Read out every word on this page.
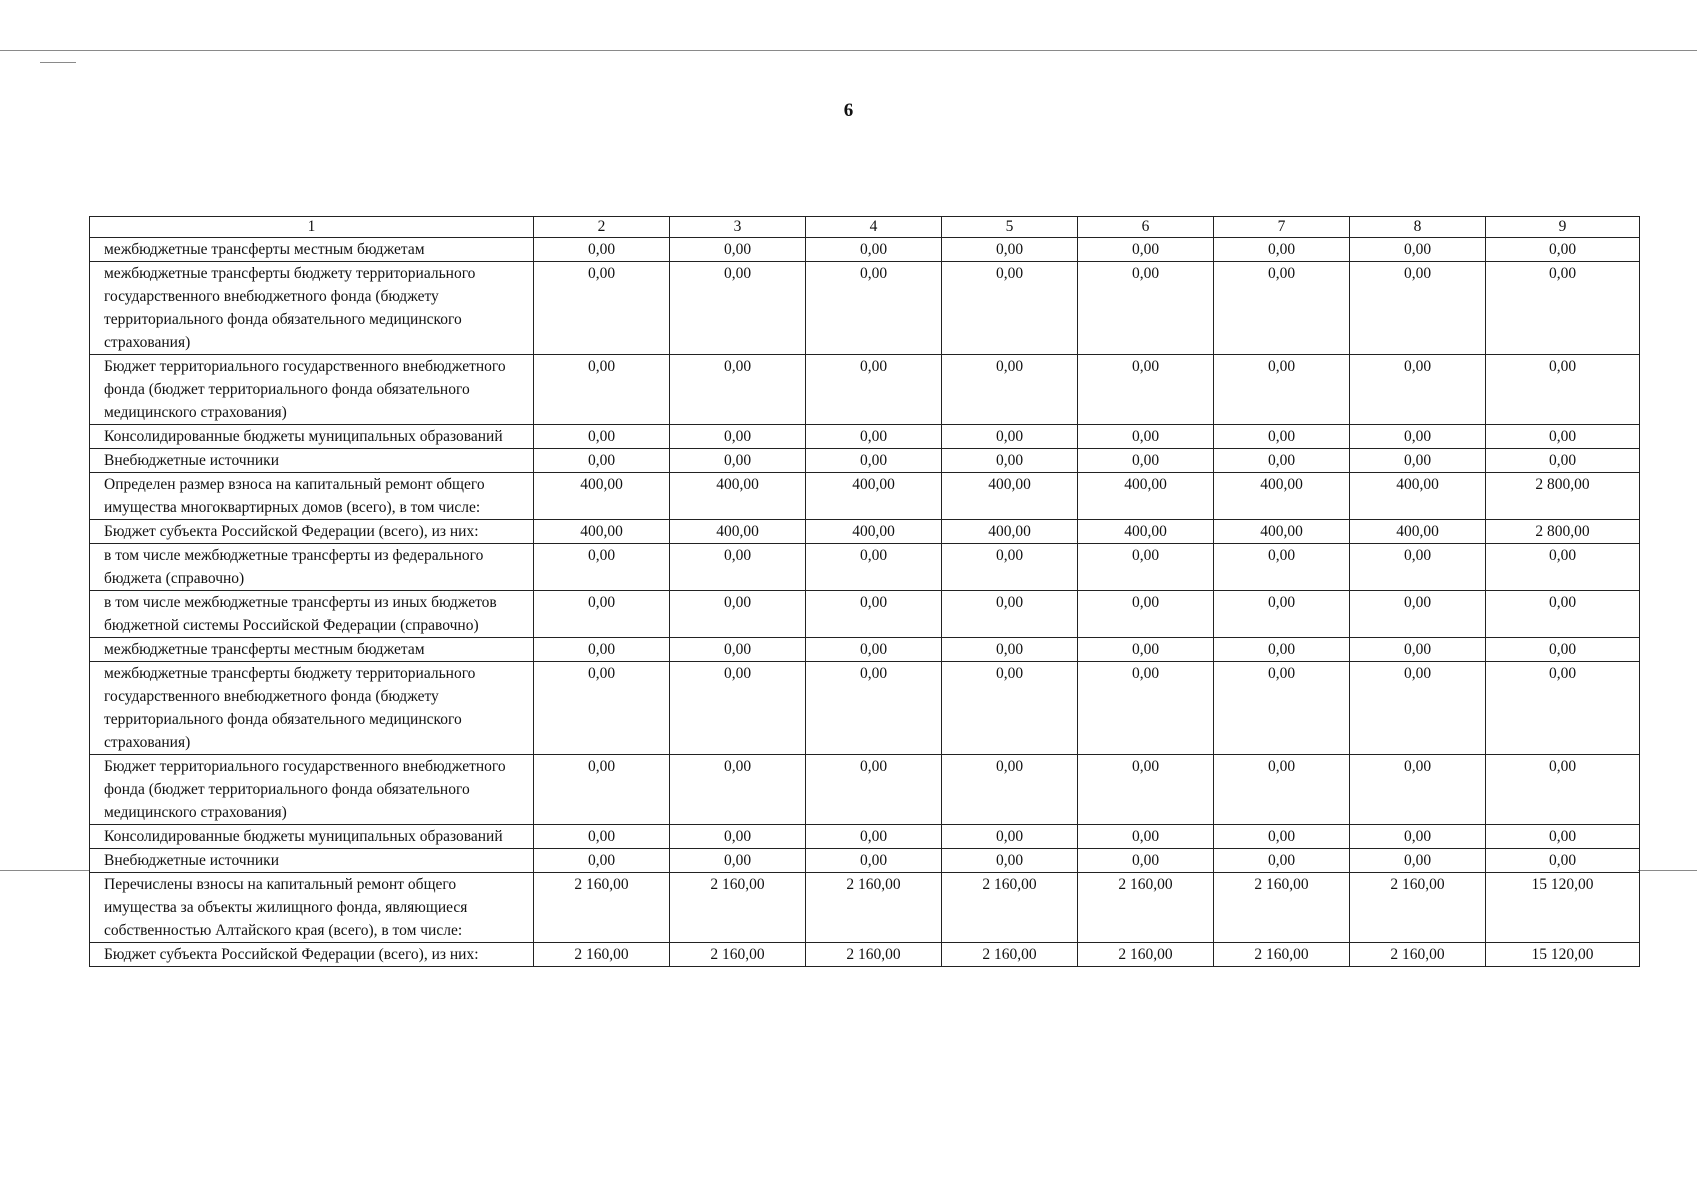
6
1	2	3	4	5	6	7	8	9
межбюджетные трансферты местным бюджетам	0,00	0,00	0,00	0,00	0,00	0,00	0,00	0,00
межбюджетные трансферты бюджету территориального государственного внебюджетного фонда (бюджету территориального фонда обязательного медицинского страхования)	0,00	0,00	0,00	0,00	0,00	0,00	0,00	0,00
Бюджет территориального государственного внебюджетного фонда (бюджет территориального фонда обязательного медицинского страхования)	0,00	0,00	0,00	0,00	0,00	0,00	0,00	0,00
Консолидированные бюджеты муниципальных образований	0,00	0,00	0,00	0,00	0,00	0,00	0,00	0,00
Внебюджетные источники	0,00	0,00	0,00	0,00	0,00	0,00	0,00	0,00
Определен размер взноса на капитальный ремонт общего имущества многоквартирных домов (всего), в том числе:	400,00	400,00	400,00	400,00	400,00	400,00	400,00	2 800,00
Бюджет субъекта Российской Федерации (всего), из них:	400,00	400,00	400,00	400,00	400,00	400,00	400,00	2 800,00
в том числе межбюджетные трансферты из федерального бюджета (справочно)	0,00	0,00	0,00	0,00	0,00	0,00	0,00	0,00
в том числе межбюджетные трансферты из иных бюджетов бюджетной системы Российской Федерации (справочно)	0,00	0,00	0,00	0,00	0,00	0,00	0,00	0,00
межбюджетные трансферты местным бюджетам	0,00	0,00	0,00	0,00	0,00	0,00	0,00	0,00
межбюджетные трансферты бюджету территориального государственного внебюджетного фонда (бюджету территориального фонда обязательного медицинского страхования)	0,00	0,00	0,00	0,00	0,00	0,00	0,00	0,00
Бюджет территориального государственного внебюджетного фонда (бюджет территориального фонда обязательного медицинского страхования)	0,00	0,00	0,00	0,00	0,00	0,00	0,00	0,00
Консолидированные бюджеты муниципальных образований	0,00	0,00	0,00	0,00	0,00	0,00	0,00	0,00
Внебюджетные источники	0,00	0,00	0,00	0,00	0,00	0,00	0,00	0,00
Перечислены взносы на капитальный ремонт общего имущества за объекты жилищного фонда, являющиеся собственностью Алтайского края (всего), в том числе:	2 160,00	2 160,00	2 160,00	2 160,00	2 160,00	2 160,00	2 160,00	15 120,00
Бюджет субъекта Российской Федерации (всего), из них:	2 160,00	2 160,00	2 160,00	2 160,00	2 160,00	2 160,00	2 160,00	15 120,00
